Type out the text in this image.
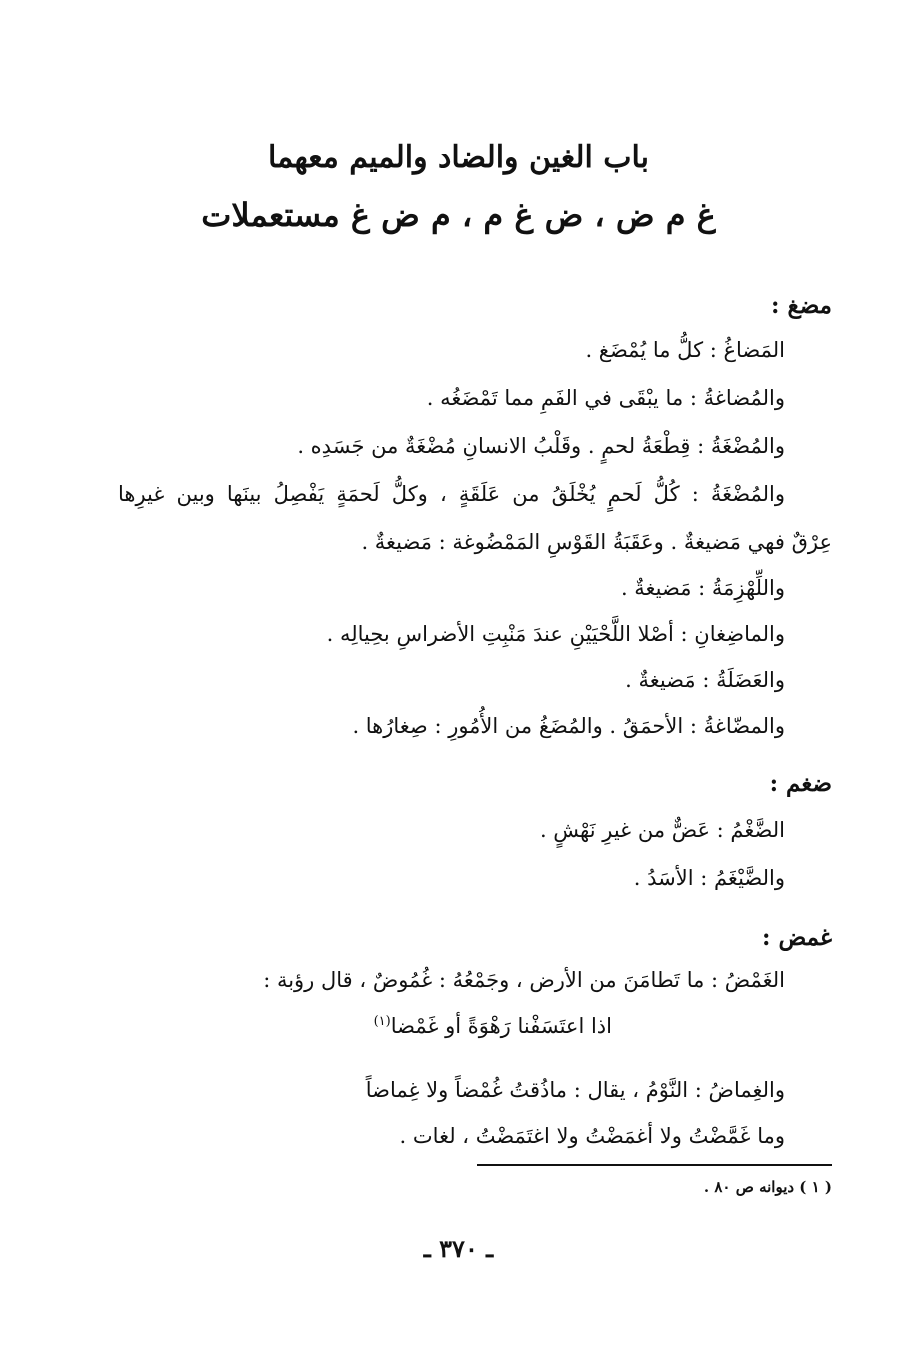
باب الغين والضاد والميم معهما
غ م ض ، ض غ م ، م ض غ مستعملات
مضغ :
المَضاغُ : كلُّ ما يُمْضَغ .
والمُضاغةُ : ما يبْقَى في الفَمِ مما تَمْضَغُه .
والمُضْغَةُ : قِطْعَةُ لحمٍ . وقَلْبُ الانسانِ مُضْغَةٌ من جَسَدِه .
والمُضْغَةُ : كُلُّ لَحمٍ يُخْلَقُ من عَلَقَةٍ ، وكلُّ لَحمَةٍ يَفْصِلُ بينَها وبين غيرِها
عِرْقٌ فهي مَضيغةٌ . وعَقَبَةُ القَوْسِ المَمْضُوغة : مَضيغةٌ .
واللِّهْزِمَةُ : مَضيغةٌ .
والماضِغانِ : أصْلا اللَّحْيَيْنِ عندَ مَنْبِتِ الأضراسِ بحِيالِه .
والعَضَلَةُ : مَضيغةٌ .
والمضّاغةُ : الأحمَقُ . والمُضَغُ من الأُمُورِ : صِغارُها .
ضغم :
الضَّغْمُ : عَضٌّ من غيرِ نَهْشٍ .
والضَّيْغَمُ : الأسَدُ .
غمض :
الغَمْضُ : ما تَطامَنَ من الأرض ، وجَمْعُهُ : غُمُوضٌ ، قال رؤبة :
اذا اعتَسَفْنا رَهْوَةً أو غَمْضا$^{(١)}$
والغِماضُ : النَّوْمُ ، يقال : ماذُقتُ غُمْضاً ولا غِماضاً
وما غَمَّضْتُ ولا أغمَضْتُ ولا اغتَمَضْتُ ، لغات .
( ١ ) ديوانه ص ٨٠ .
ـ ٣٧٠ ـ
